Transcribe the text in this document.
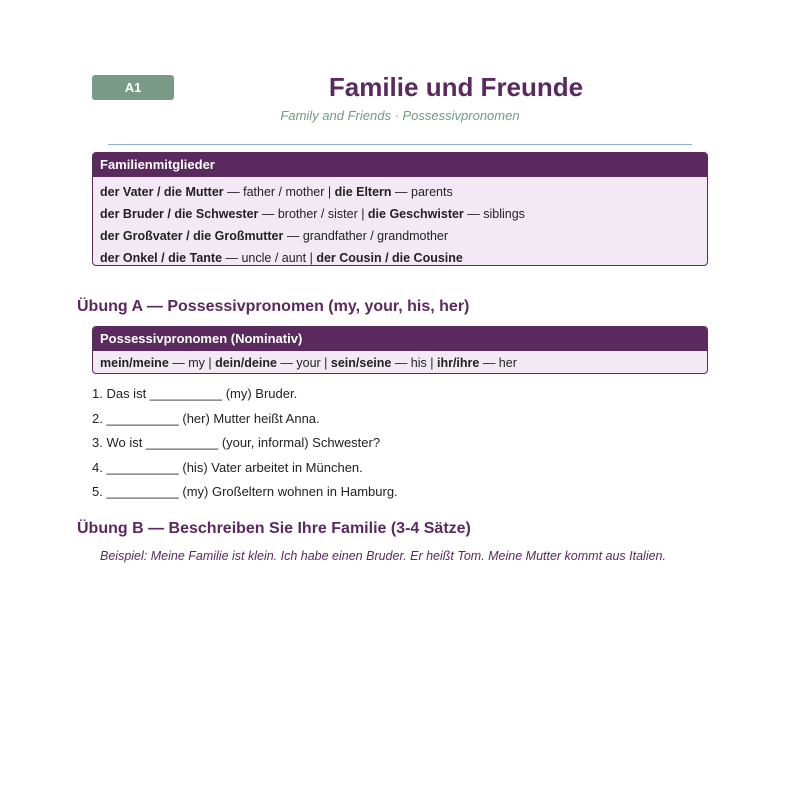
A1	Familie und Freunde
Family and Friends · Possessivpronomen
Familienmitglieder
der Vater / die Mutter — father / mother | die Eltern — parents
der Bruder / die Schwester — brother / sister | die Geschwister — siblings
der Großvater / die Großmutter — grandfather / grandmother
der Onkel / die Tante — uncle / aunt | der Cousin / die Cousine
Übung A — Possessivpronomen (my, your, his, her)
Possessivpronomen (Nominativ)
mein/meine — my | dein/deine — your | sein/seine — his | ihr/ihre — her
1. Das ist __________ (my) Bruder.
2. __________ (her) Mutter heißt Anna.
3. Wo ist __________ (your, informal) Schwester?
4. __________ (his) Vater arbeitet in München.
5. __________ (my) Großeltern wohnen in Hamburg.
Übung B — Beschreiben Sie Ihre Familie (3-4 Sätze)
Beispiel: Meine Familie ist klein. Ich habe einen Bruder. Er heißt Tom. Meine Mutter kommt aus Italien.
